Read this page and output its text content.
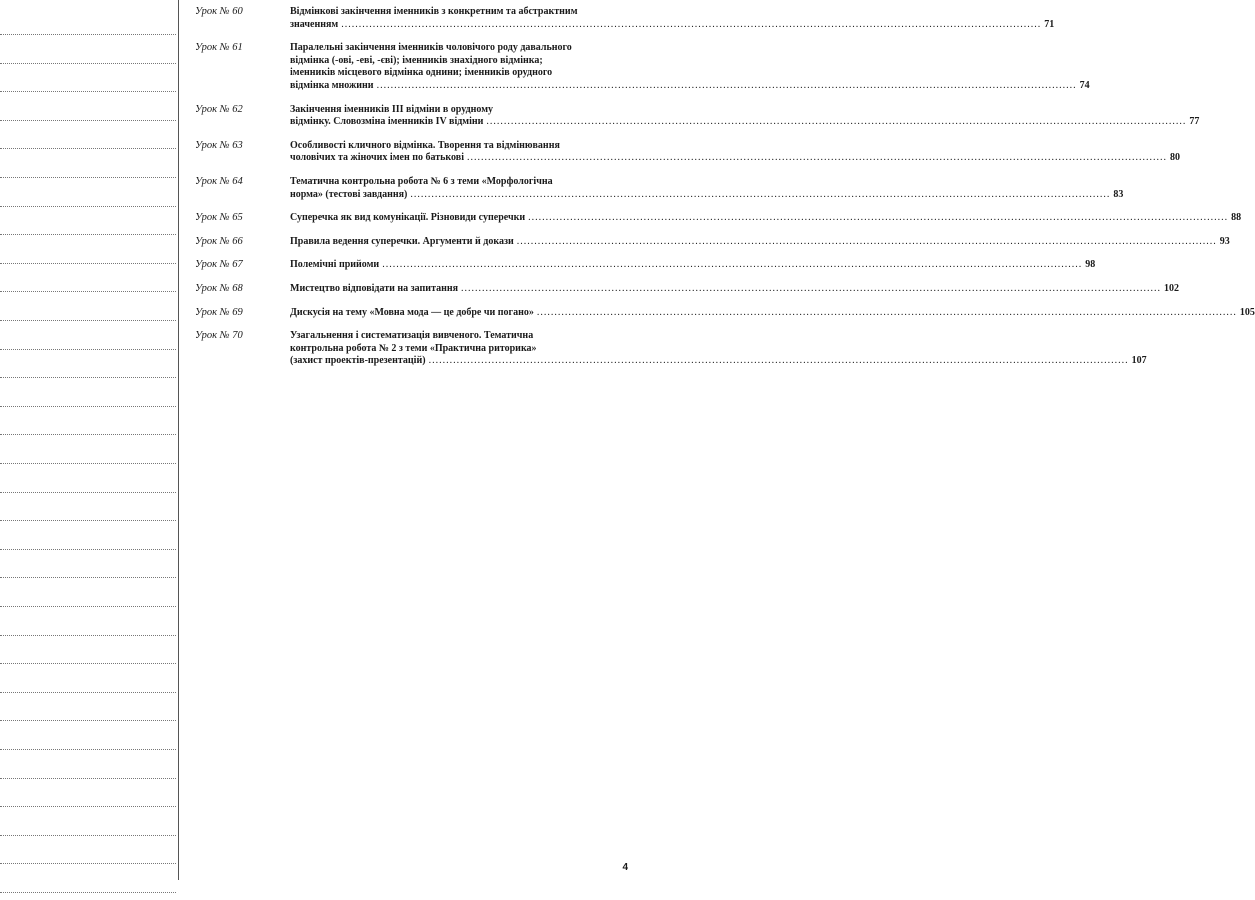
Урок № 60	Відмінкові закінчення іменників з конкретним та абстрактним
значенням ........................................................................................................................................................................................................ 71
Урок № 61	Паралельні закінчення іменників чоловічого роду давального
відмінка (-ові, -еві, -єві); іменників знахідного відмінка;
іменників місцевого відмінка однини; іменників орудного
відмінка множини ........................................................................................................................................................................................................ 74
Урок № 62	Закінчення іменників III відміни в орудному
відмінку. Словозміна іменників IV відміни ........................................................................................................................................................................................................ 77
Урок № 63	Особливості кличного відмінка. Творення та відмінювання
чоловічих та жіночих імен по батькові ........................................................................................................................................................................................................ 80
Урок № 64	Тематична контрольна робота № 6 з теми «Морфологічна
норма» (тестові завдання) ........................................................................................................................................................................................................ 83
Урок № 65	Суперечка як вид комунікації. Різновиди суперечки ........................................................................................................................................................................................................ 88
Урок № 66	Правила ведення суперечки. Аргументи й докази ........................................................................................................................................................................................................ 93
Урок № 67	Полемічні прийоми ........................................................................................................................................................................................................ 98
Урок № 68	Мистецтво відповідати на запитання ........................................................................................................................................................................................................ 102
Урок № 69	Дискусія на тему «Мовна мода — це добре чи погано» ........................................................................................................................................................................................................ 105
Урок № 70	Узагальнення і систематизація вивченого. Тематична
контрольна робота № 2 з теми «Практична риторика»
(захист проектів-презентацій) ........................................................................................................................................................................................................ 107
4
